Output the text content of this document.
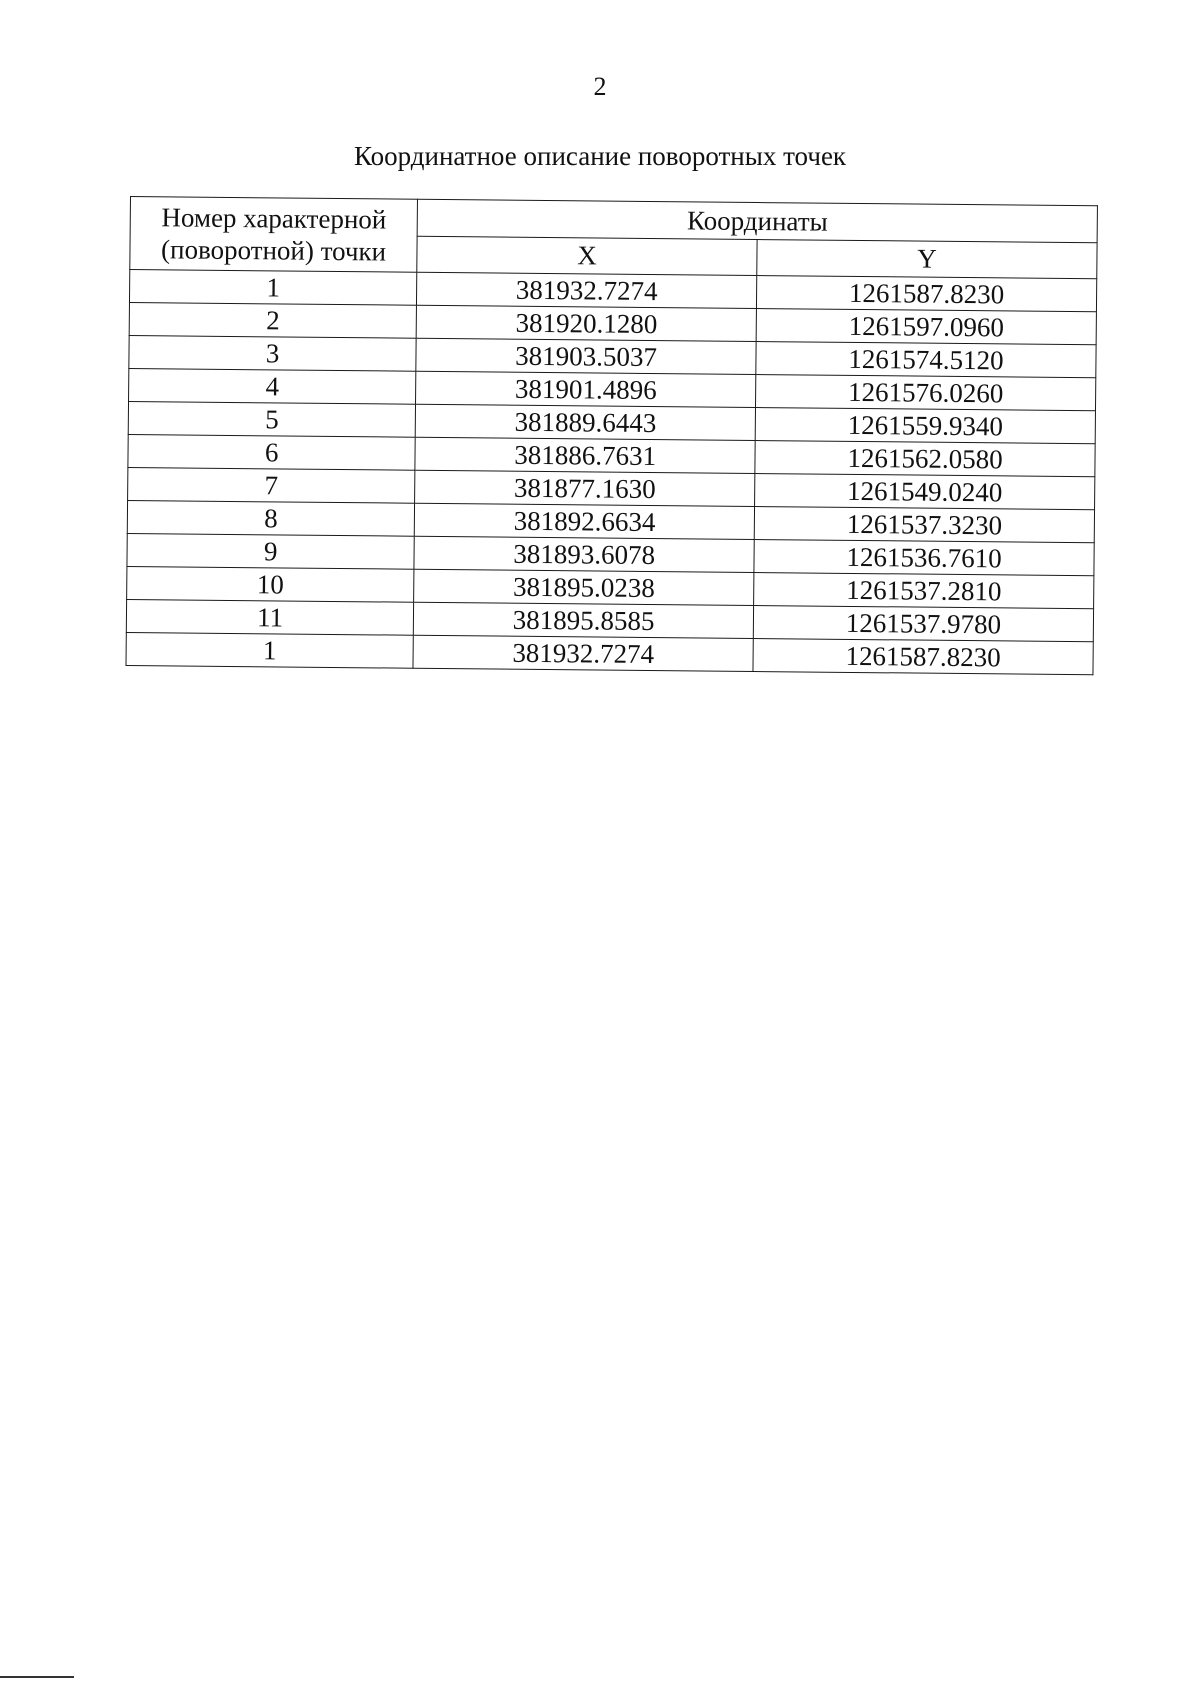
2
Координатное описание поворотных точек
Номер характерной
(поворотной) точки	Координаты	
	X	Y
1	381932.7274	1261587.8230
2	381920.1280	1261597.0960
3	381903.5037	1261574.5120
4	381901.4896	1261576.0260
5	381889.6443	1261559.9340
6	381886.7631	1261562.0580
7	381877.1630	1261549.0240
8	381892.6634	1261537.3230
9	381893.6078	1261536.7610
10	381895.0238	1261537.2810
11	381895.8585	1261537.9780
1	381932.7274	1261587.8230
